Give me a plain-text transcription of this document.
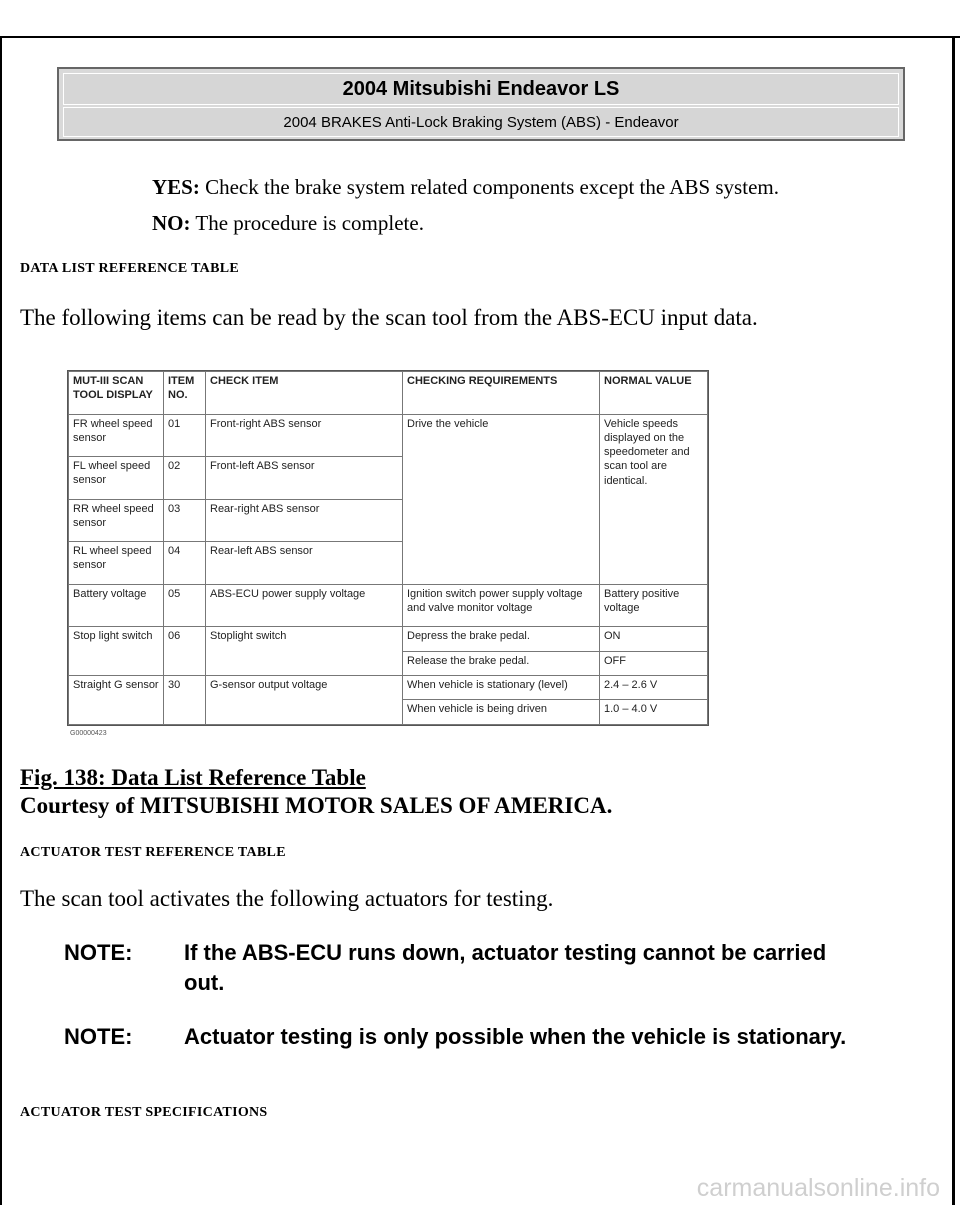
2004 Mitsubishi Endeavor LS
2004 BRAKES Anti-Lock Braking System (ABS) - Endeavor
YES: Check the brake system related components except the ABS system.
NO: The procedure is complete.
DATA LIST REFERENCE TABLE
The following items can be read by the scan tool from the ABS-ECU input data.
MUT-III SCAN TOOL DISPLAY	ITEM NO.	CHECK ITEM	CHECKING REQUIREMENTS	NORMAL VALUE
FR wheel speed sensor	01	Front-right ABS sensor	Drive the vehicle	Vehicle speeds displayed on the speedometer and scan tool are identical.
FL wheel speed sensor	02	Front-left ABS sensor		
RR wheel speed sensor	03	Rear-right ABS sensor		
RL wheel speed sensor	04	Rear-left ABS sensor		
Battery voltage	05	ABS-ECU power supply voltage	Ignition switch power supply voltage and valve monitor voltage	Battery positive voltage
Stop light switch	06	Stoplight switch	Depress the brake pedal.	ON
			Release the brake pedal.	OFF
Straight G sensor	30	G-sensor output voltage	When vehicle is stationary (level)	2.4 – 2.6 V
			When vehicle is being driven	1.0 – 4.0 V
G00000423
Fig. 138: Data List Reference Table
Courtesy of MITSUBISHI MOTOR SALES OF AMERICA.
ACTUATOR TEST REFERENCE TABLE
The scan tool activates the following actuators for testing.
NOTE: If the ABS-ECU runs down, actuator testing cannot be carried out.
NOTE: Actuator testing is only possible when the vehicle is stationary.
ACTUATOR TEST SPECIFICATIONS
carmanualsonline.info
